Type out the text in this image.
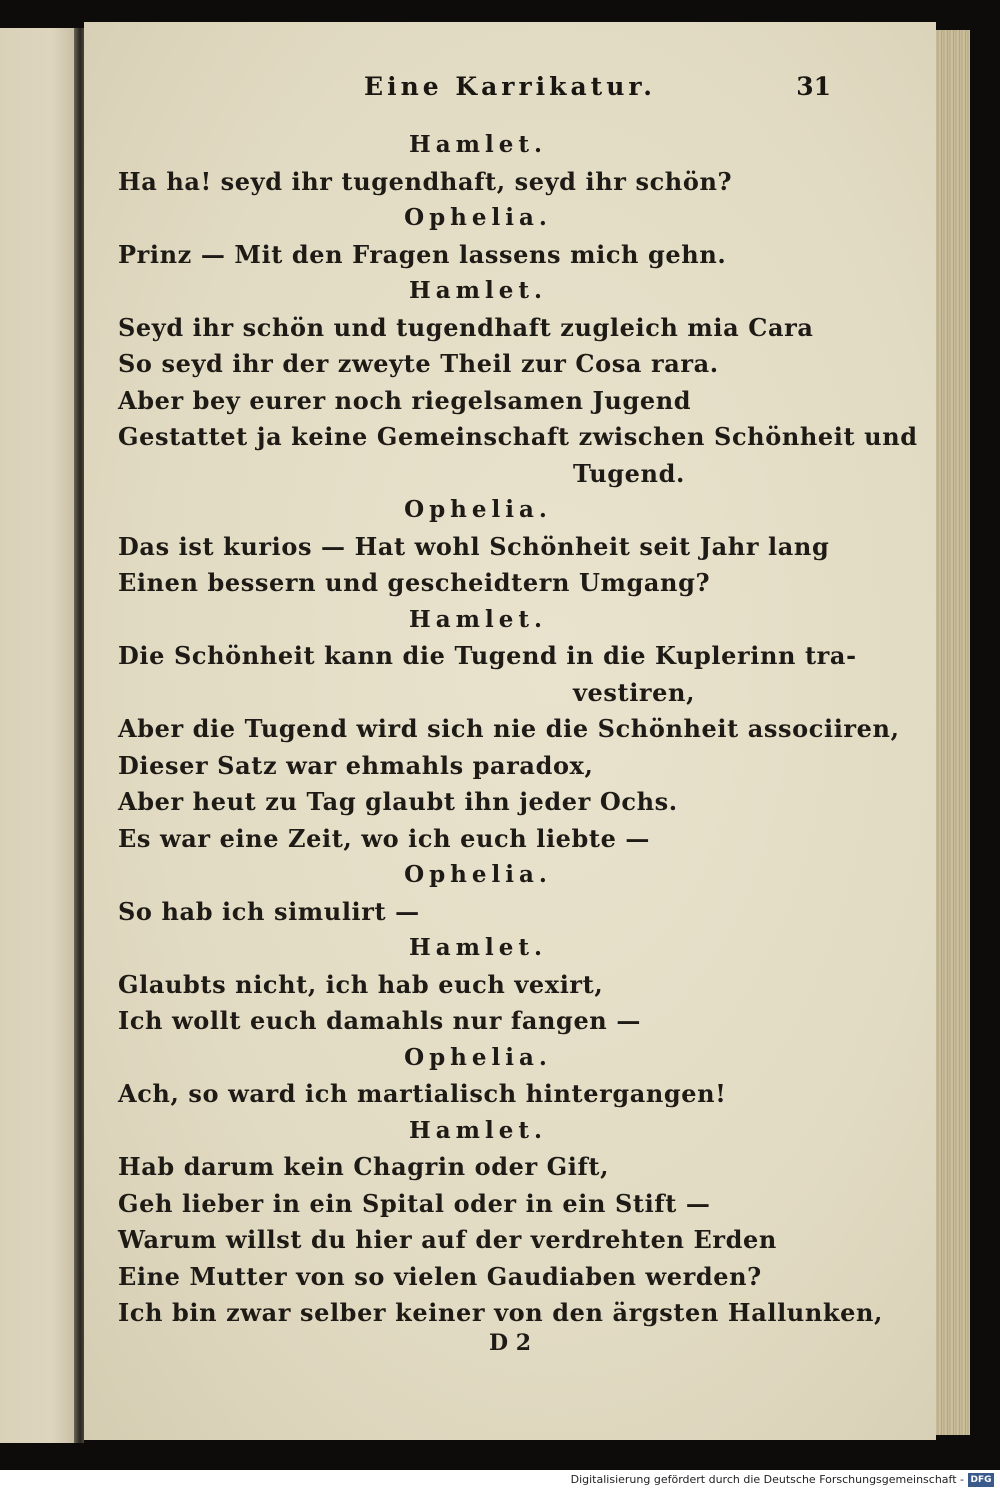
Eine Karrikatur.	31
Hamlet.
Ha ha! seyd ihr tugendhaft, seyd ihr schön?
Ophelia.
Prinz — Mit den Fragen lassens mich gehn.
Hamlet.
Seyd ihr schön und tugendhaft zugleich mia Cara
So seyd ihr der zweyte Theil zur Cosa rara.
Aber bey eurer noch riegelsamen Jugend
Gestattet ja keine Gemeinschaft zwischen Schönheit und
Tugend.
Ophelia.
Das ist kurios — Hat wohl Schönheit seit Jahr lang
Einen bessern und gescheidtern Umgang?
Hamlet.
Die Schönheit kann die Tugend in die Kuplerinn tra-
vestiren,
Aber die Tugend wird sich nie die Schönheit associiren,
Dieser Satz war ehmahls paradox,
Aber heut zu Tag glaubt ihn jeder Ochs.
Es war eine Zeit, wo ich euch liebte —
Ophelia.
So hab ich simulirt —
Hamlet.
Glaubts nicht, ich hab euch vexirt,
Ich wollt euch damahls nur fangen —
Ophelia.
Ach, so ward ich martialisch hintergangen!
Hamlet.
Hab darum kein Chagrin oder Gift,
Geh lieber in ein Spital oder in ein Stift —
Warum willst du hier auf der verdrehten Erden
Eine Mutter von so vielen Gaudiaben werden?
Ich bin zwar selber keiner von den ärgsten Hallunken,
D 2
Digitalisierung gefördert durch die Deutsche Forschungsgemeinschaft - DFG
